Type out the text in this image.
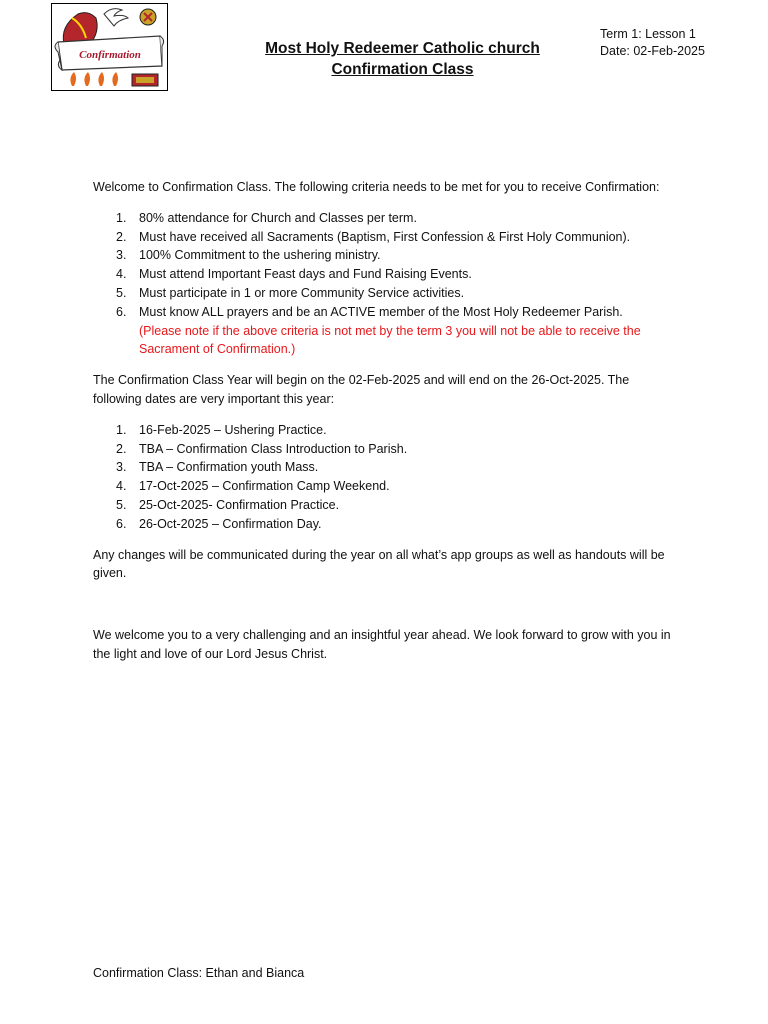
Confirmation	Most Holy Redeemer Catholic church
Confirmation Class
Term 1: Lesson 1
Date: 02-Feb-2025

Welcome to Confirmation Class. The following criteria needs to be met for you to receive Confirmation:

1. 80% attendance for Church and Classes per term.
2. Must have received all Sacraments (Baptism, First Confession & First Holy Communion).
3. 100% Commitment to the ushering ministry.
4. Must attend Important Feast days and Fund Raising Events.
5. Must participate in 1 or more Community Service activities.
6. Must know ALL prayers and be an ACTIVE member of the Most Holy Redeemer Parish.
(Please note if the above criteria is not met by the term 3 you will not be able to receive the Sacrament of Confirmation.)

The Confirmation Class Year will begin on the 02-Feb-2025 and will end on the 26-Oct-2025. The following dates are very important this year:

1. 16-Feb-2025 – Ushering Practice.
2. TBA – Confirmation Class Introduction to Parish.
3. TBA – Confirmation youth Mass.
4. 17-Oct-2025 – Confirmation Camp Weekend.
5. 25-Oct-2025- Confirmation Practice.
6. 26-Oct-2025 – Confirmation Day.

Any changes will be communicated during the year on all what’s app groups as well as handouts will be given.

We welcome you to a very challenging and an insightful year ahead. We look forward to grow with you in the light and love of our Lord Jesus Christ.

Confirmation Class: Ethan and Bianca
